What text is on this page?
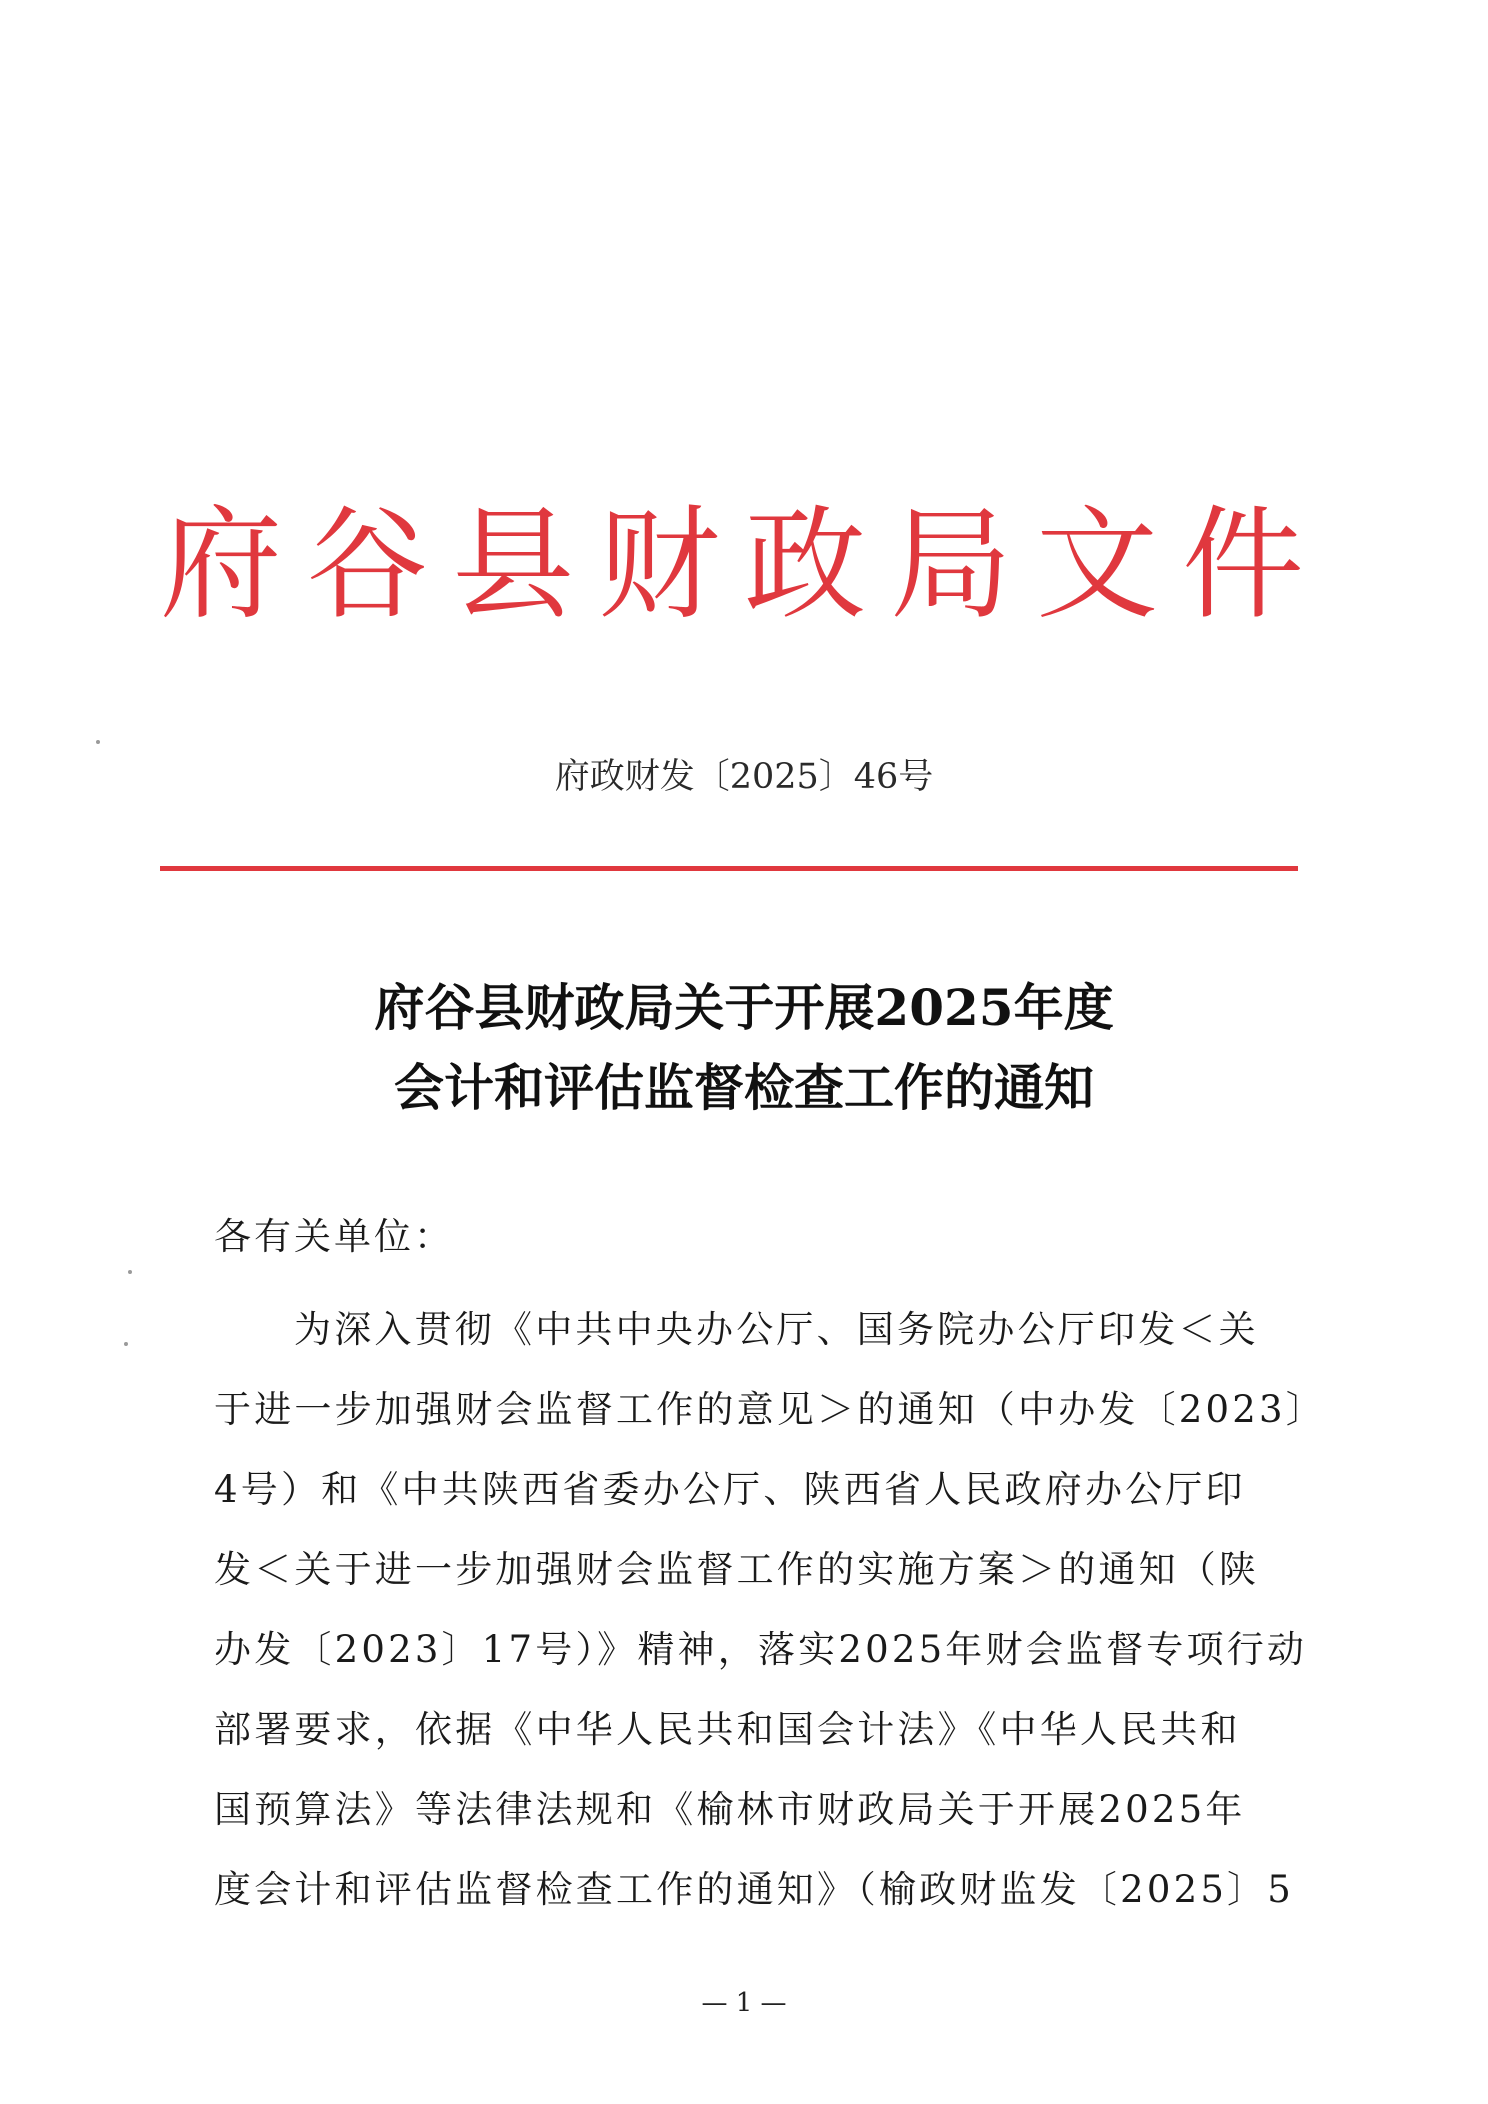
府谷县财政局文件
府政财发〔2025〕46号
府谷县财政局关于开展2025年度
会计和评估监督检查工作的通知
各有关单位：
为深入贯彻《中共中央办公厅、国务院办公厅印发＜关
于进一步加强财会监督工作的意见＞的通知（中办发〔2023〕
4号）和《中共陕西省委办公厅、陕西省人民政府办公厅印
发＜关于进一步加强财会监督工作的实施方案＞的通知（陕
办发〔2023〕17号）》精神，落实2025年财会监督专项行动
部署要求，依据《中华人民共和国会计法》《中华人民共和
国预算法》等法律法规和《榆林市财政局关于开展2025年
度会计和评估监督检查工作的通知》（榆政财监发〔2025〕5
— 1 —
